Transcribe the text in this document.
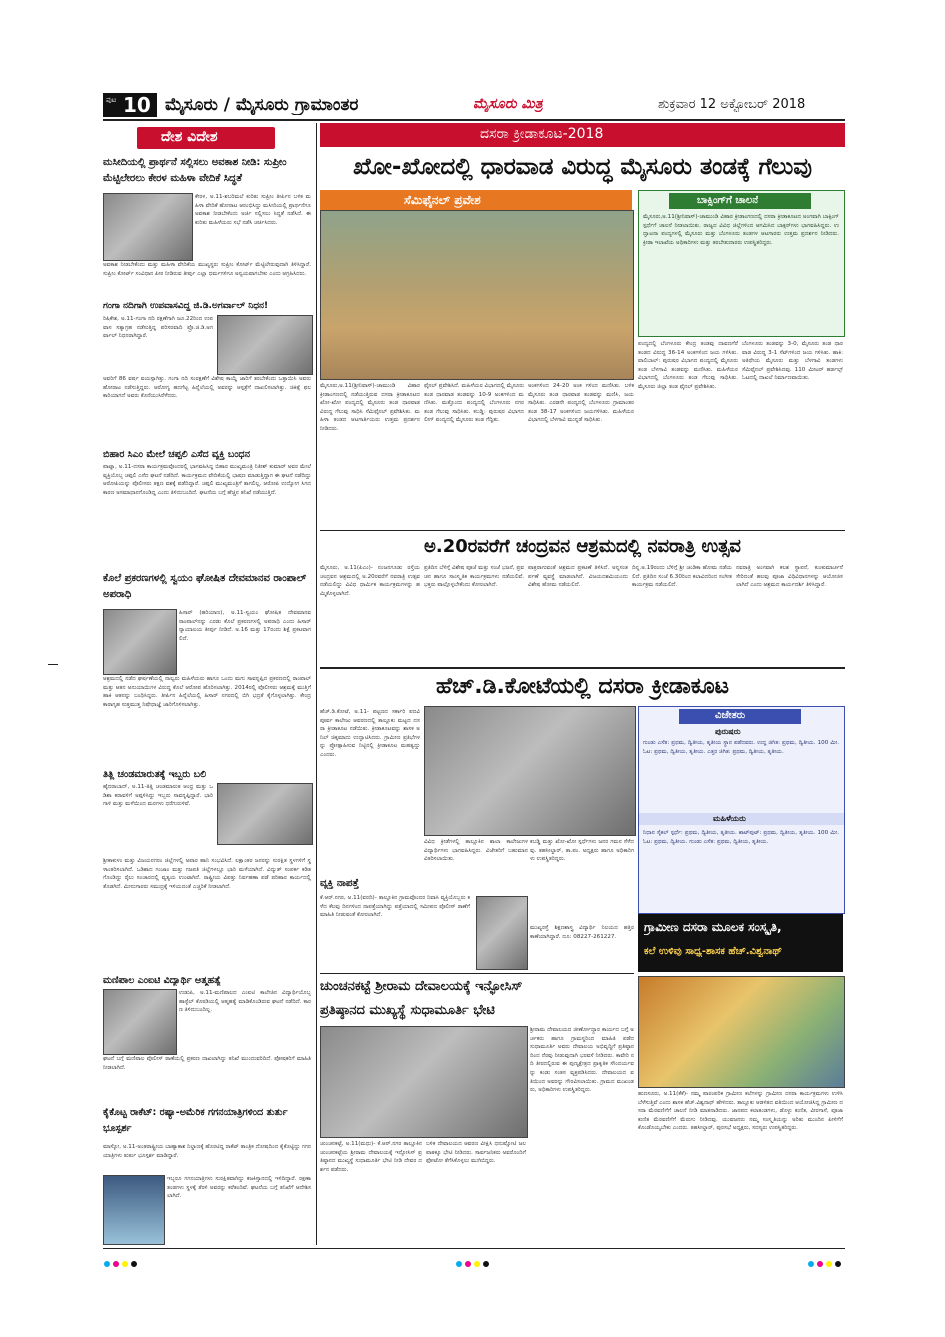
ಪುಟ 10 ಮೈಸೂರು / ಮೈಸೂರು ಗ್ರಾಮಾಂತರ	ಮೈಸೂರು ಮಿತ್ರ	ಶುಕ್ರವಾರ 12 ಅಕ್ಟೋಬರ್ 2018
ದೇಶ ವಿದೇಶ
ಮಸೀದಿಯಲ್ಲಿ ಪ್ರಾರ್ಥನೆ ಸಲ್ಲಿಸಲು ಅವಕಾಶ ನೀಡಿ: ಸುಪ್ರೀಂ ಮೆಟ್ಟಿಲೇರಲು ಕೇರಳ ಮಹಿಳಾ ವೇದಿಕೆ ಸಿದ್ಧತೆ
ಕೇರಳ, ಅ.11-ಶಬರಿಮಲೆ ಕುರಿತು ಸುಪ್ರೀಂ ತೀರ್ಪಿನ ಬಳಿಕ ಮಹಿಳಾ ವೇದಿಕೆ ಹೋರಾಟ ಆರಂಭಿಸಿದ್ದು ಮಸೀದಿಯಲ್ಲಿ ಪ್ರಾರ್ಥನೆಗೂ ಅವಕಾಶ ನೀಡಬೇಕೆಂದು ಅರ್ಜಿ ಸಲ್ಲಿಸಲು ಸಿದ್ಧತೆ ನಡೆಸಿದೆ. ಈ ಕುರಿತು ಮಹಿಳೆಯರು ಸಭೆ ನಡೆಸಿ ಚರ್ಚಿಸಿದರು.
ಅವಕಾಶ ನೀಡಬೇಕೆಂದು ಮತ್ತು ಮಹಿಳಾ ವೇದಿಕೆಯ ಮುಖ್ಯಸ್ಥರು ಸುಪ್ರೀಂ ಕೋರ್ಟ್ ಮೆಟ್ಟಿಲೇರುವುದಾಗಿ ತಿಳಿಸಿದ್ದಾರೆ. ಸುಪ್ರೀಂ ಕೋರ್ಟ್ ಸಂವಿಧಾನ ಪೀಠ ನೀಡಿರುವ ತೀರ್ಪು ಎಲ್ಲಾ ಧರ್ಮಗಳಿಗೂ ಅನ್ವಯವಾಗಬೇಕು ಎಂದು ಆಗ್ರಹಿಸಿದರು.
ಗಂಗಾ ನದಿಗಾಗಿ ಉಪವಾಸವಿದ್ದ ಜಿ.ಡಿ.ಅಗರ್ವಾಲ್ ನಿಧನ!
ರಿಷಿಕೇಶ, ಅ.11-ಗಂಗಾ ನದಿ ರಕ್ಷಣೆಗಾಗಿ ಜೂ.22ರಿಂದ ಉಪವಾಸ ಸತ್ಯಾಗ್ರಹ ನಡೆಸುತ್ತಿದ್ದ ಪರಿಸರವಾದಿ ಪ್ರೊ.ಜಿ.ಡಿ.ಅಗರ್ವಾಲ್ ನಿಧನರಾಗಿದ್ದಾರೆ.
ಅವರಿಗೆ 86 ವರ್ಷ ವಯಸ್ಸಾಗಿತ್ತು. ಗಂಗಾ ನದಿ ಸಂರಕ್ಷಣೆಗೆ ವಿಶೇಷ ಕಾಯ್ದೆ ಜಾರಿಗೆ ತರಬೇಕೆಂದು ಒತ್ತಾಯಿಸಿ ಅವರು ಹೋರಾಟ ನಡೆಸುತ್ತಿದ್ದರು. ಆರೋಗ್ಯ ಹದಗೆಟ್ಟ ಹಿನ್ನೆಲೆಯಲ್ಲಿ ಅವರನ್ನು ಆಸ್ಪತ್ರೆಗೆ ದಾಖಲಿಸಲಾಗಿತ್ತು. ಚಿಕಿತ್ಸೆ ಫಲಕಾರಿಯಾಗದೆ ಅವರು ಕೊನೆಯುಸಿರೆಳೆದರು.
ಬಿಹಾರ ಸಿಎಂ ಮೇಲೆ ಚಪ್ಪಲಿ ಎಸೆದ ವ್ಯಕ್ತಿ ಬಂಧನ
ಪಾಟ್ನಾ, ಅ.11-ದಸರಾ ಕಾರ್ಯಕ್ರಮವೊಂದರಲ್ಲಿ ಭಾಗವಹಿಸಿದ್ದ ಬಿಹಾರ ಮುಖ್ಯಮಂತ್ರಿ ನಿತೀಶ್ ಕುಮಾರ್ ಅವರ ಮೇಲೆ ವ್ಯಕ್ತಿಯೊಬ್ಬ ಚಪ್ಪಲಿ ಎಸೆದ ಘಟನೆ ನಡೆದಿದೆ. ಕಾರ್ಯಕ್ರಮದ ವೇದಿಕೆಯಲ್ಲಿ ಭಾಷಣ ಮಾಡುತ್ತಿದ್ದಾಗ ಈ ಘಟನೆ ನಡೆದಿದ್ದು ಆರೋಪಿಯನ್ನು ಪೊಲೀಸರು ತಕ್ಷಣ ವಶಕ್ಕೆ ಪಡೆದಿದ್ದಾರೆ. ಚಪ್ಪಲಿ ಮುಖ್ಯಮಂತ್ರಿಗೆ ತಾಗಲಿಲ್ಲ. ಆರೋಪಿ ಉದ್ಯೋಗ ಸಿಗದ ಕಾರಣ ಅಸಮಾಧಾನಗೊಂಡಿದ್ದ ಎಂದು ತಿಳಿದುಬಂದಿದೆ. ಘಟನೆಯ ಬಗ್ಗೆ ಹೆಚ್ಚಿನ ತನಿಖೆ ನಡೆಯುತ್ತಿದೆ.
ಕೊಲೆ ಪ್ರಕರಣಗಳಲ್ಲಿ ಸ್ವಯಂ ಘೋಷಿತ ದೇವಮಾನವ ರಾಂಪಾಲ್ ಅಪರಾಧಿ
ಹಿಸಾರ್ (ಹರಿಯಾಣ), ಅ.11-ಸ್ವಯಂ ಘೋಷಿತ ದೇವಮಾನವ ರಾಂಪಾಲ್‌ನನ್ನು ಎರಡು ಕೊಲೆ ಪ್ರಕರಣಗಳಲ್ಲಿ ಅಪರಾಧಿ ಎಂದು ಹಿಸಾರ್ ನ್ಯಾಯಾಲಯ ತೀರ್ಪು ನೀಡಿದೆ. ಅ.16 ಮತ್ತು 17ರಂದು ಶಿಕ್ಷೆ ಪ್ರಕಟವಾಗಲಿದೆ.
ಆಶ್ರಮದಲ್ಲಿ ನಡೆದ ಘರ್ಷಣೆಯಲ್ಲಿ ನಾಲ್ವರು ಮಹಿಳೆಯರು ಹಾಗೂ ಒಂದು ಮಗು ಸಾವನ್ನಪ್ಪಿದ ಪ್ರಕರಣದಲ್ಲಿ ರಾಂಪಾಲ್ ಮತ್ತು ಆತನ ಅನುಯಾಯಿಗಳ ವಿರುದ್ಧ ಕೊಲೆ ಆರೋಪ ಹೊರಿಸಲಾಗಿತ್ತು. 2014ರಲ್ಲಿ ಪೊಲೀಸರು ಆಶ್ರಮಕ್ಕೆ ಮುತ್ತಿಗೆ ಹಾಕಿ ಆತನನ್ನು ಬಂಧಿಸಿದ್ದರು. ತೀರ್ಪಿನ ಹಿನ್ನೆಲೆಯಲ್ಲಿ ಹಿಸಾರ್ ನಗರದಲ್ಲಿ ಬಿಗಿ ಭದ್ರತೆ ಕೈಗೊಳ್ಳಲಾಗಿತ್ತು. ಕೇಂದ್ರ ಕಾರಾಗೃಹ ಸುತ್ತಮುತ್ತ ನಿಷೇಧಾಜ್ಞೆ ಜಾರಿಗೊಳಿಸಲಾಗಿತ್ತು.
ತಿತ್ಲಿ ಚಂಡಮಾರುತಕ್ಕೆ ಇಬ್ಬರು ಬಲಿ
ಹೈದರಾಬಾದ್, ಅ.11-ತಿತ್ಲಿ ಚಂಡಮಾರುತ ಆಂಧ್ರ ಮತ್ತು ಒಡಿಶಾ ಕರಾವಳಿಗೆ ಅಪ್ಪಳಿಸಿದ್ದು ಇಬ್ಬರು ಸಾವನ್ನಪ್ಪಿದ್ದಾರೆ. ಭಾರಿ ಗಾಳಿ ಮತ್ತು ಮಳೆಯಿಂದ ಮರಗಳು ಧರೆಗುರುಳಿವೆ.
ಶ್ರೀಕಾಕುಳಂ ಮತ್ತು ವಿಜಯನಗರಂ ಜಿಲ್ಲೆಗಳಲ್ಲಿ ಅಪಾರ ಹಾನಿ ಸಂಭವಿಸಿದೆ. ಲಕ್ಷಾಂತರ ಜನರನ್ನು ಸುರಕ್ಷಿತ ಸ್ಥಳಗಳಿಗೆ ಸ್ಥಳಾಂತರಿಸಲಾಗಿದೆ. ಒಡಿಶಾದ ಗಂಜಾಂ ಮತ್ತು ಗಜಪತಿ ಜಿಲ್ಲೆಗಳಲ್ಲೂ ಭಾರಿ ಮಳೆಯಾಗಿದೆ. ವಿದ್ಯುತ್ ಸಂಪರ್ಕ ಕಡಿತಗೊಂಡಿದ್ದು ರೈಲು ಸಂಚಾರದಲ್ಲಿ ವ್ಯತ್ಯಯ ಉಂಟಾಗಿದೆ. ರಾಷ್ಟ್ರೀಯ ವಿಪತ್ತು ನಿರ್ವಹಣಾ ಪಡೆ ಪರಿಹಾರ ಕಾರ್ಯದಲ್ಲಿ ತೊಡಗಿದೆ. ಮೀನುಗಾರರು ಸಮುದ್ರಕ್ಕೆ ಇಳಿಯದಂತೆ ಎಚ್ಚರಿಕೆ ನೀಡಲಾಗಿದೆ.
ಮಣಿಪಾಲ ಎಂಐಟಿ ವಿದ್ಯಾರ್ಥಿ ಆತ್ಮಹತ್ಯೆ
ಉಡುಪಿ, ಅ.11-ಮಣಿಪಾಲದ ಎಂಐಟಿ ಕಾಲೇಜಿನ ವಿದ್ಯಾರ್ಥಿಯೊಬ್ಬ ಹಾಸ್ಟೆಲ್ ಕೊಠಡಿಯಲ್ಲಿ ಆತ್ಮಹತ್ಯೆ ಮಾಡಿಕೊಂಡಿರುವ ಘಟನೆ ನಡೆದಿದೆ. ಕಾರಣ ತಿಳಿದುಬಂದಿಲ್ಲ.
ಘಟನೆ ಬಗ್ಗೆ ಮಣಿಪಾಲ ಪೊಲೀಸ್ ಠಾಣೆಯಲ್ಲಿ ಪ್ರಕರಣ ದಾಖಲಾಗಿದ್ದು ತನಿಖೆ ಮುಂದುವರಿದಿದೆ. ಪೋಷಕರಿಗೆ ಮಾಹಿತಿ ನೀಡಲಾಗಿದೆ.
ಕೈಕೊಟ್ಟ ರಾಕೆಟ್: ರಷ್ಯಾ-ಅಮೆರಿಕ ಗಗನಯಾತ್ರಿಗಳಿಂದ ತುರ್ತು ಭೂಸ್ಪರ್ಶ
ಮಾಸ್ಕೋ, ಅ.11-ಅಂತರಾಷ್ಟ್ರೀಯ ಬಾಹ್ಯಾಕಾಶ ನಿಲ್ದಾಣಕ್ಕೆ ಹೊರಟಿದ್ದ ರಾಕೆಟ್ ತಾಂತ್ರಿಕ ದೋಷದಿಂದ ಕೈಕೊಟ್ಟಿದ್ದು ಗಗನಯಾತ್ರಿಗಳು ತುರ್ತು ಭೂಸ್ಪರ್ಶ ಮಾಡಿದ್ದಾರೆ.
ಇಬ್ಬರೂ ಗಗನಯಾತ್ರಿಗಳು ಸುರಕ್ಷಿತವಾಗಿದ್ದು ಕಜಕಿಸ್ತಾನದಲ್ಲಿ ಇಳಿದಿದ್ದಾರೆ. ರಕ್ಷಣಾ ತಂಡಗಳು ಸ್ಥಳಕ್ಕೆ ತೆರಳಿ ಅವರನ್ನು ಕರೆತಂದಿವೆ. ಘಟನೆಯ ಬಗ್ಗೆ ತನಿಖೆಗೆ ಆದೇಶಿಸಲಾಗಿದೆ.
ದಸರಾ ಕ್ರೀಡಾಕೂಟ-2018
ಖೋ-ಖೋದಲ್ಲಿ ಧಾರವಾಡ ವಿರುದ್ಧ ಮೈಸೂರು ತಂಡಕ್ಕೆ ಗೆಲುವು
ಸೆಮಿಫೈನಲ್ ಪ್ರವೇಶ	ಬಾಕ್ಸಿಂಗ್‌ಗೆ ಚಾಲನೆ
ಮೈಸೂರು,ಅ.11(ಶ್ರೀನಿವಾಸ್)-ಚಾಮುಂಡಿ ವಿಹಾರ ಕ್ರೀಡಾಂಗಣದಲ್ಲಿ ದಸರಾ ಕ್ರೀಡಾಕೂಟದ ಅಂಗವಾಗಿ ಬಾಕ್ಸಿಂಗ್ ಸ್ಪರ್ಧೆಗೆ ಚಾಲನೆ ನೀಡಲಾಯಿತು. ರಾಜ್ಯದ ವಿವಿಧ ಜಿಲ್ಲೆಗಳಿಂದ ಆಗಮಿಸಿದ ಬಾಕ್ಸರ್‌ಗಳು ಭಾಗವಹಿಸಿದ್ದರು. ಉದ್ಘಾಟನಾ ಪಂದ್ಯಗಳಲ್ಲಿ ಮೈಸೂರು ಮತ್ತು ಬೆಂಗಳೂರು ತಂಡಗಳ ಆಟಗಾರರು ಉತ್ತಮ ಪ್ರದರ್ಶನ ನೀಡಿದರು. ಕ್ರೀಡಾ ಇಲಾಖೆಯ ಅಧಿಕಾರಿಗಳು ಮತ್ತು ತರಬೇತುದಾರರು ಉಪಸ್ಥಿತರಿದ್ದರು.
ಪಂದ್ಯದಲ್ಲಿ ಬೆಂಗಳೂರು ಕೇಂದ್ರ ತಂಡವು ದಾವಣಗೆರೆ ತಂಡದ ವಿರುದ್ಧ 36-14 ಅಂಕಗಳಿಂದ ಜಯ ಗಳಿಸಿತು. ವಾಲಿಬಾಲ್: ಪುರುಷರ ವಿಭಾಗದ ಪಂದ್ಯದಲ್ಲಿ ಮೈಸೂರು ತಂಡ ಬೆಳಗಾವಿ ತಂಡವನ್ನು ಮಣಿಸಿತು. ಮಹಿಳೆಯರ ವಿಭಾಗದಲ್ಲಿ ಬೆಂಗಳೂರು ತಂಡ ಗೆಲುವು ಸಾಧಿಸಿತು. ಮೈಸೂರು ಜಿಲ್ಲಾ ತಂಡ ಫೈನಲ್ ಪ್ರವೇಶಿಸಿತು.
ಬೆಂಗಳೂರು ತಂಡವನ್ನು 3-0, ಮೈಸೂರು ತಂಡ ಧಾರವಾಡ ವಿರುದ್ಧ 3-1 ಸೆಟ್‌ಗಳಿಂದ ಜಯ ಗಳಿಸಿತು. ಹಾಕಿ: ಅತಿಥೇಯ ಮೈಸೂರು ಮತ್ತು ಬೆಳಗಾವಿ ತಂಡಗಳು ಸೆಮಿಫೈನಲ್ ಪ್ರವೇಶಿಸಿದವು. 110 ಮೀಟರ್ ಹರ್ಡಲ್ಸ್ ಓಟದಲ್ಲಿ ದಾಖಲೆ ನಿರ್ಮಾಣವಾಯಿತು.
ಮೈಸೂರು,ಅ.11(ಶ್ರೀನಿವಾಸ್)-ಚಾಮುಂಡಿ ವಿಹಾರ ಕ್ರೀಡಾಂಗಣದಲ್ಲಿ ನಡೆಯುತ್ತಿರುವ ದಸರಾ ಕ್ರೀಡಾಕೂಟದ ಖೋ-ಖೋ ಪಂದ್ಯದಲ್ಲಿ ಮೈಸೂರು ತಂಡ ಧಾರವಾಡ ವಿರುದ್ಧ ಗೆಲುವು ಸಾಧಿಸಿ ಸೆಮಿಫೈನಲ್ ಪ್ರವೇಶಿಸಿತು. ಮಹಿಳಾ ತಂಡದ ಆಟಗಾರ್ತಿಯರು ಉತ್ತಮ ಪ್ರದರ್ಶನ ನೀಡಿದರು.
ಫೈನಲ್ ಪ್ರವೇಶಿಸಿದೆ. ಮಹಿಳೆಯರ ವಿಭಾಗದಲ್ಲಿ ಮೈಸೂರು ತಂಡ ಧಾರವಾಡ ತಂಡವನ್ನು 10-9 ಅಂಕಗಳಿಂದ ಮಣಿಸಿತು. ಮತ್ತೊಂದು ಪಂದ್ಯದಲ್ಲಿ ಬೆಂಗಳೂರು ನಗರ ತಂಡ ಗೆಲುವು ಸಾಧಿಸಿತು. ಕಬಡ್ಡಿ: ಪುರುಷರ ವಿಭಾಗದ ಲೀಗ್ ಪಂದ್ಯದಲ್ಲಿ ಮೈಸೂರು ತಂಡ ಗೆದ್ದಿತು.
ಅಂಕಗಳಿಂದ 24-20 ಅಂಕ ಗಳಿಂದ ಮಣಿಸಿತು. ಬಳಿಕ ಮೈಸೂರು ತಂಡ ಧಾರವಾಡ ತಂಡವನ್ನು ಮಣಿಸಿ, ಜಯ ಸಾಧಿಸಿತು. ಎರಡನೇ ಪಂದ್ಯದಲ್ಲಿ ಬೆಂಗಳೂರು ಗ್ರಾಮಾಂತರ ತಂಡ 38-17 ಅಂಕಗಳಿಂದ ಜಯಗಳಿಸಿತು. ಮಹಿಳೆಯರ ವಿಭಾಗದಲ್ಲಿ ಬೆಳಗಾವಿ ಮುನ್ನಡೆ ಸಾಧಿಸಿತು.
ಅ.20ರವರೆಗೆ ಚಂದ್ರವನ ಆಶ್ರಮದಲ್ಲಿ ನವರಾತ್ರಿ ಉತ್ಸವ
ಮೈಸೂರು, ಅ.11(ಪಿಎಂ)- ನಂಜನಗೂಡು ರಸ್ತೆಯ ಚಂದ್ರವನ ಆಶ್ರಮದಲ್ಲಿ ಅ.20ರವರೆಗೆ ನವರಾತ್ರಿ ಉತ್ಸವ ನಡೆಯಲಿದ್ದು ವಿವಿಧ ಧಾರ್ಮಿಕ ಕಾರ್ಯಕ್ರಮಗಳನ್ನು ಹಮ್ಮಿಕೊಳ್ಳಲಾಗಿದೆ.
ಪ್ರತಿದಿನ ಬೆಳಿಗ್ಗೆ ವಿಶೇಷ ಪೂಜೆ ಮತ್ತು ಸಂಜೆ ಭಜನೆ, ಪ್ರವಚನ ಹಾಗೂ ಸಾಂಸ್ಕೃತಿಕ ಕಾರ್ಯಕ್ರಮಗಳು ನಡೆಯಲಿವೆ. ಭಕ್ತರು ಪಾಲ್ಗೊಳ್ಳಬೇಕೆಂದು ಕೋರಲಾಗಿದೆ.
ಪಾತ್ರರಾಗುವಂತೆ ಆಶ್ರಮದ ಪ್ರಕಟಣೆ ತಿಳಿಸಿದೆ. ಅನ್ನಸಂತರ್ಪಣೆ ವ್ಯವಸ್ಥೆ ಮಾಡಲಾಗಿದೆ. ವಿಜಯದಶಮಿಯಂದು ವಿಶೇಷ ಹೋಮ ನಡೆಯಲಿದೆ.
ದಿನ್ನ.ಅ.19ರಂದು ಬೆಳಿಗ್ಗೆ ಶ್ರೀ ಚಂಡಿಕಾ ಹೋಮ ನಡೆಯಲಿದೆ. ಪ್ರತಿದಿನ ಸಂಜೆ 6.30ರಿಂದ ಕಲಾವಿದರಿಂದ ಸಂಗೀತ ಕಾರ್ಯಕ್ರಮ ನಡೆಯಲಿದೆ.
ನವರಾತ್ರಿ ಅಂಗವಾಗಿ ಕಲಶ ಸ್ಥಾಪನೆ, ಕುಂಕುಮಾರ್ಚನೆ ಸೇರಿದಂತೆ ಹಲವು ಪೂಜಾ ವಿಧಿವಿಧಾನಗಳನ್ನು ಆಯೋಜಿಸಲಾಗಿದೆ ಎಂದು ಆಶ್ರಮದ ಕಾರ್ಯದರ್ಶಿ ತಿಳಿಸಿದ್ದಾರೆ.
ಹೆಚ್.ಡಿ.ಕೋಟೆಯಲ್ಲಿ ದಸರಾ ಕ್ರೀಡಾಕೂಟ
ಹೆಚ್.ಡಿ.ಕೋಟೆ, ಅ.11- ಪಟ್ಟಣದ ಸರ್ಕಾರಿ ಪದವಿ ಪೂರ್ವ ಕಾಲೇಜು ಆವರಣದಲ್ಲಿ ತಾಲ್ಲೂಕು ಮಟ್ಟದ ದಸರಾ ಕ್ರೀಡಾಕೂಟ ನಡೆಯಿತು. ಕ್ರೀಡಾಕೂಟವನ್ನು ಶಾಸಕ ಅನಿಲ್ ಚಿಕ್ಕಮಾದು ಉದ್ಘಾಟಿಸಿದರು. ಗ್ರಾಮೀಣ ಪ್ರತಿಭೆಗಳನ್ನು ಪ್ರೋತ್ಸಾಹಿಸುವ ನಿಟ್ಟಿನಲ್ಲಿ ಕ್ರೀಡಾಕೂಟ ಮಹತ್ವದ್ದು ಎಂದರು.
ವಿವಿಧ ಕ್ರೀಡೆಗಳಲ್ಲಿ ತಾಲ್ಲೂಕಿನ ಶಾಲಾ ಕಾಲೇಜುಗಳ ವಿದ್ಯಾರ್ಥಿಗಳು ಭಾಗವಹಿಸಿದ್ದರು. ವಿಜೇತರಿಗೆ ಬಹುಮಾನ ವಿತರಿಸಲಾಯಿತು.
ಕಬಡ್ಡಿ ಮತ್ತು ಖೋ-ಖೋ ಸ್ಪರ್ಧೆಗಳು ಜನರ ಗಮನ ಸೆಳೆದವು. ತಹಸೀಲ್ದಾರ್, ತಾ.ಪಂ. ಅಧ್ಯಕ್ಷರು ಹಾಗೂ ಅಧಿಕಾರಿಗಳು ಉಪಸ್ಥಿತರಿದ್ದರು.
ವಿಜೇತರು
ಪುರುಷರು
ಗುಂಡು ಎಸೆತ: ಪ್ರಥಮ, ದ್ವಿತೀಯ, ತೃತೀಯ ಸ್ಥಾನ ಪಡೆದವರು. ಉದ್ದ ಜಿಗಿತ: ಪ್ರಥಮ, ದ್ವಿತೀಯ. 100 ಮೀ. ಓಟ: ಪ್ರಥಮ, ದ್ವಿತೀಯ, ತೃತೀಯ. ಎತ್ತರ ಜಿಗಿತ: ಪ್ರಥಮ, ದ್ವಿತೀಯ, ತೃತೀಯ.
ಮಹಿಳೆಯರು
ನಿಧಾನ ಸೈಕಲ್ ಸ್ಪರ್ಧೆ: ಪ್ರಥಮ, ದ್ವಿತೀಯ, ತೃತೀಯ. ಶಾಟ್‌ಪುಟ್: ಪ್ರಥಮ, ದ್ವಿತೀಯ, ತೃತೀಯ. 100 ಮೀ. ಓಟ: ಪ್ರಥಮ, ದ್ವಿತೀಯ. ಗುಂಡು ಎಸೆತ: ಪ್ರಥಮ, ದ್ವಿತೀಯ, ತೃತೀಯ.
ವ್ಯಕ್ತಿ ನಾಪತ್ತೆ
ಕೆ.ಆರ್.ನಗರ, ಅ.11(ವರದಿ)- ತಾಲ್ಲೂಕಿನ ಗ್ರಾಮವೊಂದರ ನಿವಾಸಿ ವ್ಯಕ್ತಿಯೊಬ್ಬರು ಕಳೆದ ಕೆಲವು ದಿನಗಳಿಂದ ನಾಪತ್ತೆಯಾಗಿದ್ದು ಪತ್ತೆಯಾದಲ್ಲಿ ಸಮೀಪದ ಪೊಲೀಸ್ ಠಾಣೆಗೆ ಮಾಹಿತಿ ನೀಡುವಂತೆ ಕೋರಲಾಗಿದೆ.
ಮುಖ್ಯರಸ್ತೆ ಶಿಕ್ಷಣಶಾಸ್ತ್ರ ವಿದ್ಯಾರ್ಥಿ ನಿಲಯದ ಹತ್ತಿರ ಕಾಣೆಯಾಗಿದ್ದಾರೆ. ದೂ: 08227-261227.
ಗ್ರಾಮೀಣ ದಸರಾ ಮೂಲಕ ಸಂಸ್ಕೃತಿ,
ಕಲೆ ಉಳಿವು ಸಾಧ್ಯ-ಶಾಸಕ ಹೆಚ್.ವಿಶ್ವನಾಥ್
ಹುಣಸೂರು, ಅ.11(ಕೆಕೆ)- ನಮ್ಮ ಪಾರಂಪರಿಕ ಗ್ರಾಮೀಣ ಕಲೆಗಳನ್ನು ಗ್ರಾಮೀಣ ದಸರಾ ಕಾರ್ಯಕ್ರಮಗಳು ಉಳಿಸಿ ಬೆಳೆಸುತ್ತಿವೆ ಎಂದು ಶಾಸಕ ಹೆಚ್.ವಿಶ್ವನಾಥ್ ಹೇಳಿದರು. ತಾಲ್ಲೂಕು ಆಡಳಿತದ ವತಿಯಿಂದ ಆಯೋಜಿಸಿದ್ದ ಗ್ರಾಮೀಣ ದಸರಾ ಮೆರವಣಿಗೆಗೆ ಚಾಲನೆ ನೀಡಿ ಮಾತನಾಡಿದರು. ಜಾನಪದ ಕಲಾತಂಡಗಳು, ಡೊಳ್ಳು ಕುಣಿತ, ವೀರಗಾಸೆ, ಪೂಜಾ ಕುಣಿತ ಮೆರವಣಿಗೆಗೆ ಮೆರುಗು ನೀಡಿದವು. ಯುವಜನರು ನಮ್ಮ ಸಂಸ್ಕೃತಿಯನ್ನು ಅರಿತು ಮುಂದಿನ ಪೀಳಿಗೆಗೆ ಕೊಂಡೊಯ್ಯಬೇಕು ಎಂದರು. ತಹಸೀಲ್ದಾರ್, ಪುರಸಭೆ ಅಧ್ಯಕ್ಷರು, ಸದಸ್ಯರು ಉಪಸ್ಥಿತರಿದ್ದರು.
ಚುಂಚನಕಟ್ಟೆ ಶ್ರೀರಾಮ ದೇವಾಲಯಕ್ಕೆ ಇನ್ಫೋಸಿಸ್
ಪ್ರತಿಷ್ಠಾನದ ಮುಖ್ಯಸ್ಥೆ ಸುಧಾಮೂರ್ತಿ ಭೇಟಿ
ಶ್ರೀರಾಮ ದೇವಾಲಯದ ಜೀರ್ಣೋದ್ಧಾರ ಕಾರ್ಯದ ಬಗ್ಗೆ ಅರ್ಚಕರು ಹಾಗೂ ಗ್ರಾಮಸ್ಥರಿಂದ ಮಾಹಿತಿ ಪಡೆದ ಸುಧಾಮೂರ್ತಿ ಅವರು ದೇವಾಲಯ ಅಭಿವೃದ್ಧಿಗೆ ಪ್ರತಿಷ್ಠಾನದಿಂದ ನೆರವು ನೀಡುವುದಾಗಿ ಭರವಸೆ ನೀಡಿದರು. ಕಾವೇರಿ ನದಿ ತೀರದಲ್ಲಿರುವ ಈ ಪುಣ್ಯಕ್ಷೇತ್ರದ ಪ್ರಾಕೃತಿಕ ಸೌಂದರ್ಯವನ್ನು ಕಂಡು ಸಂತಸ ವ್ಯಕ್ತಪಡಿಸಿದರು. ದೇವಾಲಯದ ವತಿಯಿಂದ ಅವರನ್ನು ಗೌರವಿಸಲಾಯಿತು. ಗ್ರಾಮದ ಮುಖಂಡರು, ಅಧಿಕಾರಿಗಳು ಉಪಸ್ಥಿತರಿದ್ದರು.
ಚುಂಚನಕಟ್ಟೆ, ಅ.11(ಮಧು)- ಕೆ.ಆರ್.ನಗರ ತಾಲ್ಲೂಕಿನ ಚುಂಚನಕಟ್ಟೆಯ ಶ್ರೀರಾಮ ದೇವಾಲಯಕ್ಕೆ ಇನ್ಫೋಸಿಸ್ ಪ್ರತಿಷ್ಠಾನದ ಮುಖ್ಯಸ್ಥೆ ಸುಧಾಮೂರ್ತಿ ಭೇಟಿ ನೀಡಿ ದೇವರ ದರ್ಶನ ಪಡೆದರು.
ಬಳಿಕ ದೇವಾಲಯದ ಆವರಣ ವೀಕ್ಷಿಸಿ ಧನುಷ್ಕೋಟಿ ಜಲಪಾತಕ್ಕೂ ಭೇಟಿ ನೀಡಿದರು. ಸಾರ್ವಜನಿಕರು ಅವರೊಂದಿಗೆ ಫೋಟೋ ತೆಗೆಸಿಕೊಳ್ಳಲು ಮುಗಿಬಿದ್ದರು.
